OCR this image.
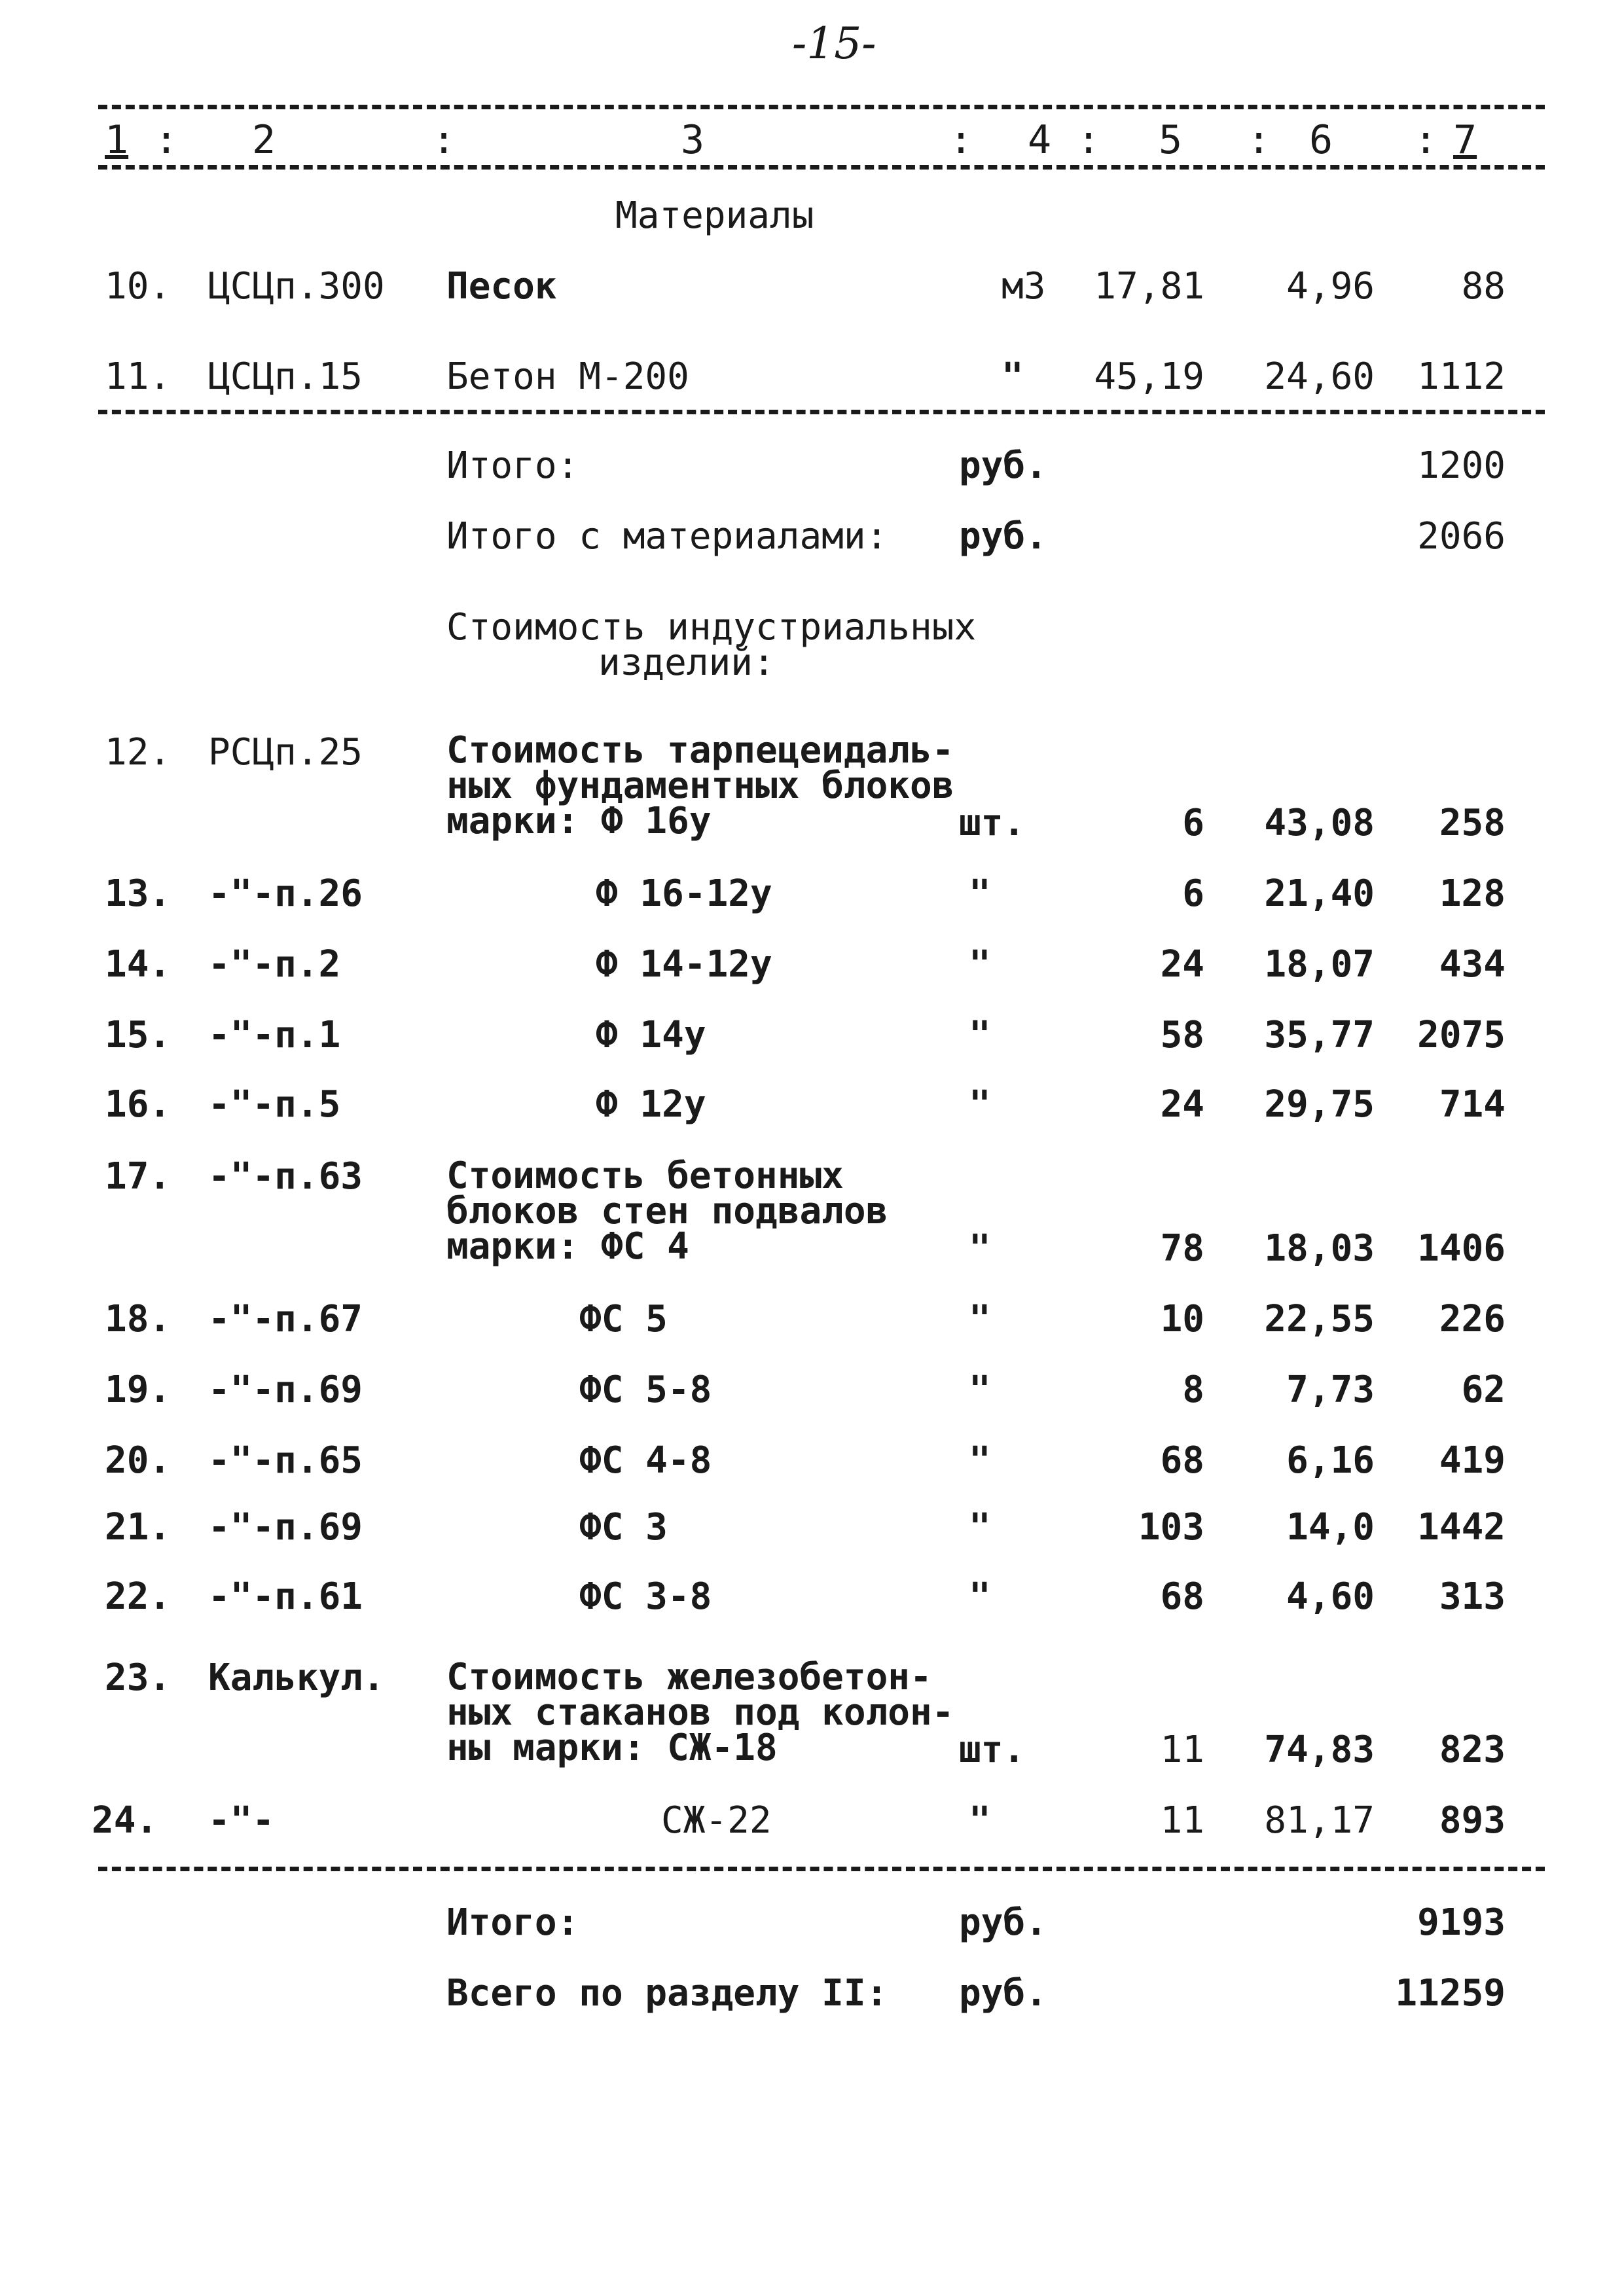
-15-
1 : 2	:	3	: 4 : 5 : 6 : 7
Материалы
10. ЦСЦп.300 Песок	м3	17,81	4,96	88
11. ЦСЦп.15 Бетон М-200	"	45,19	24,60	1112
Итого:	руб.	1200
Итого с материалами: руб.	2066
Стоимость индустриальных
изделий:
12. РСЦп.25 Стоимость тарпецеидаль-
ных фундаментных блоков
марки: Ф 16у	шт.	6	43,08	258
13. -"-п.26	Ф 16-12у	"	6	21,40	128
14. -"-п.2	Ф 14-12у	"	24	18,07	434
15. -"-п.1	Ф 14у	"	58	35,77	2075
16. -"-п.5	Ф 12у	"	24	29,75	714
17. -"-п.63 Стоимость бетонных
блоков стен подвалов
марки: ФС 4	"	78	18,03	1406
18. -"-п.67	ФС 5	"	10	22,55	226
19. -"-п.69	ФС 5-8	"	8	7,73	62
20. -"-п.65	ФС 4-8	"	68	6,16	419
21. -"-п.69	ФС 3	"	103	14,0	1442
22. -"-п.61	ФС 3-8	"	68	4,60	313
23. Калькул. Стоимость железобетон-
ных стаканов под колон-
ны марки: СЖ-18	шт.	11	74,83	823
24. -"-	СЖ-22	"	11	81,17	893
Итого:	руб.	9193
Всего по разделу II: руб.	11259
